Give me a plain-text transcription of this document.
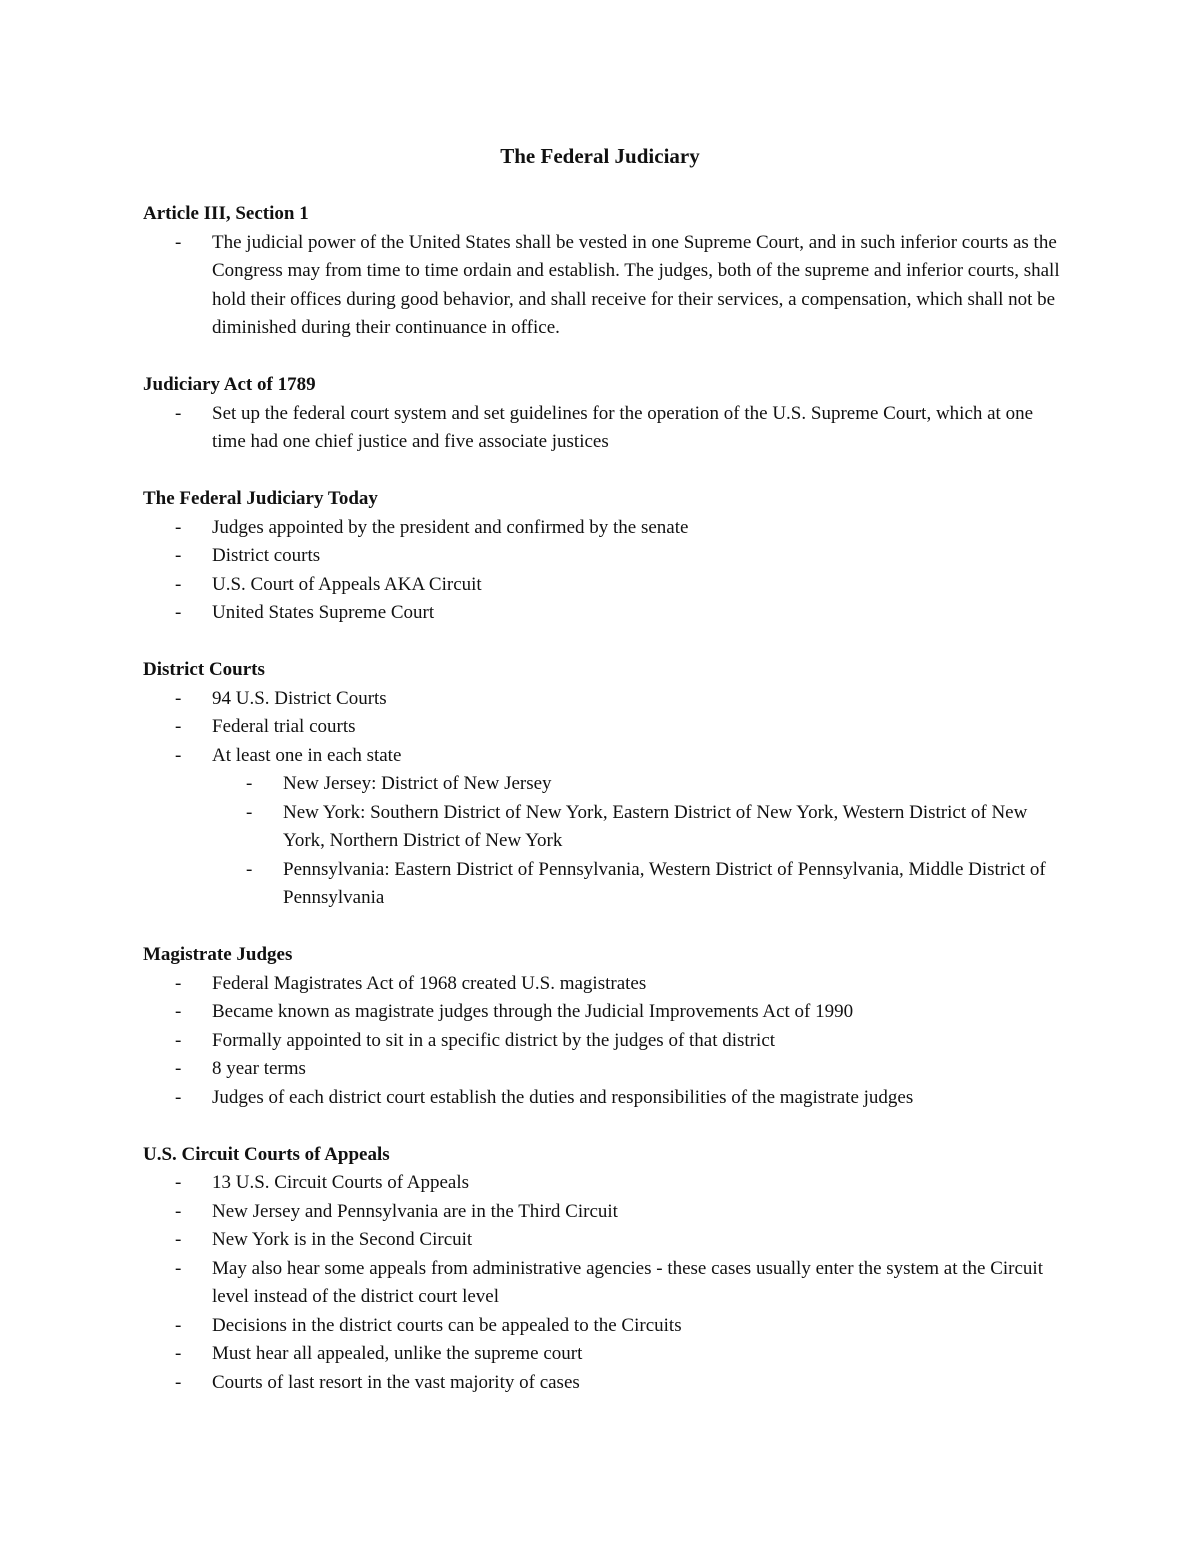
The Federal Judiciary

Article III, Section 1

- The judicial power of the United States shall be vested in one Supreme Court, and in such inferior courts as the Congress may from time to time ordain and establish. The judges, both of the supreme and inferior courts, shall hold their offices during good behavior, and shall receive for their services, a compensation, which shall not be diminished during their continuance in office.

Judiciary Act of 1789

- Set up the federal court system and set guidelines for the operation of the U.S. Supreme Court, which at one time had one chief justice and five associate justices

The Federal Judiciary Today

- Judges appointed by the president and confirmed by the senate
- District courts
- U.S. Court of Appeals AKA Circuit
- United States Supreme Court

District Courts

- 94 U.S. District Courts
- Federal trial courts
- At least one in each state
- New Jersey: District of New Jersey
- New York: Southern District of New York, Eastern District of New York, Western District of New York, Northern District of New York
- Pennsylvania: Eastern District of Pennsylvania, Western District of Pennsylvania, Middle District of Pennsylvania

Magistrate Judges

- Federal Magistrates Act of 1968 created U.S. magistrates
- Became known as magistrate judges through the Judicial Improvements Act of 1990
- Formally appointed to sit in a specific district by the judges of that district
- 8 year terms
- Judges of each district court establish the duties and responsibilities of the magistrate judges

U.S. Circuit Courts of Appeals

- 13 U.S. Circuit Courts of Appeals
- New Jersey and Pennsylvania are in the Third Circuit
- New York is in the Second Circuit
- May also hear some appeals from administrative agencies - these cases usually enter the system at the Circuit level instead of the district court level
- Decisions in the district courts can be appealed to the Circuits
- Must hear all appealed, unlike the supreme court
- Courts of last resort in the vast majority of cases
